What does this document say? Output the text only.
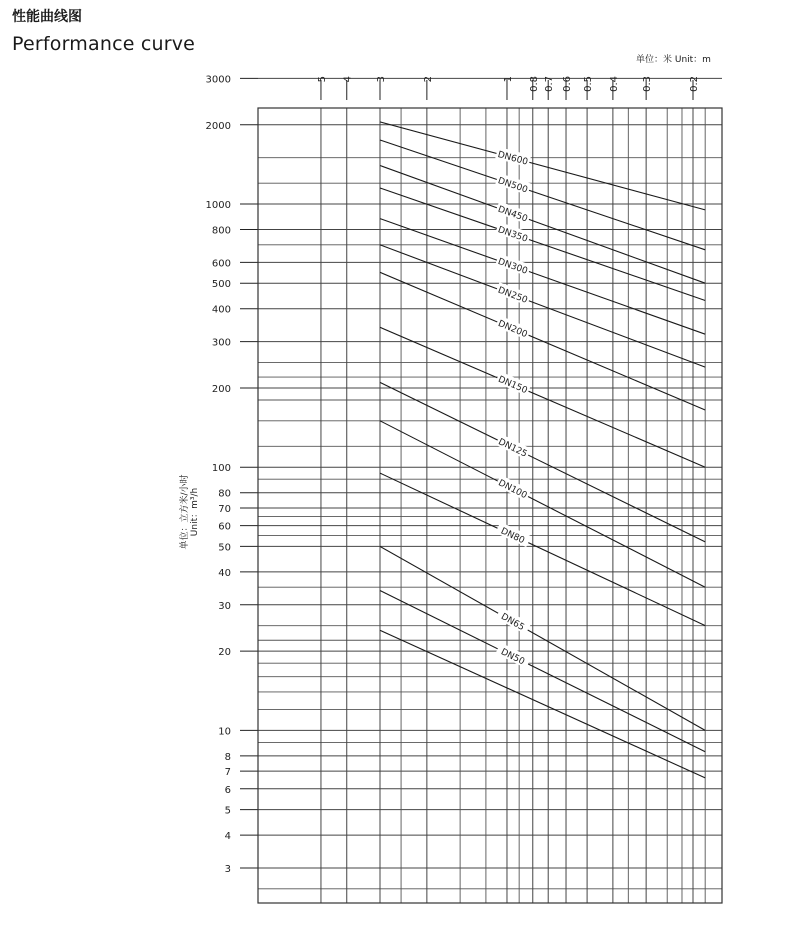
性能曲线图
Performance curve
单位：米 Unit：m
单位：立方米/小时 Unit：m³/h
3000
2000
1000
800
600
500
400
300
200
100
80
70
60
50
40
30
20
10
8
7
6
5
4
3
5 4 3	2	1 0.8 0.7 0.6 0.5 0.4 0.3	0.2
DN600
DN500
DN450
DN350
DN300
DN250
DN200
DN150
DN125
DN100
DN80
DN65
DN50
